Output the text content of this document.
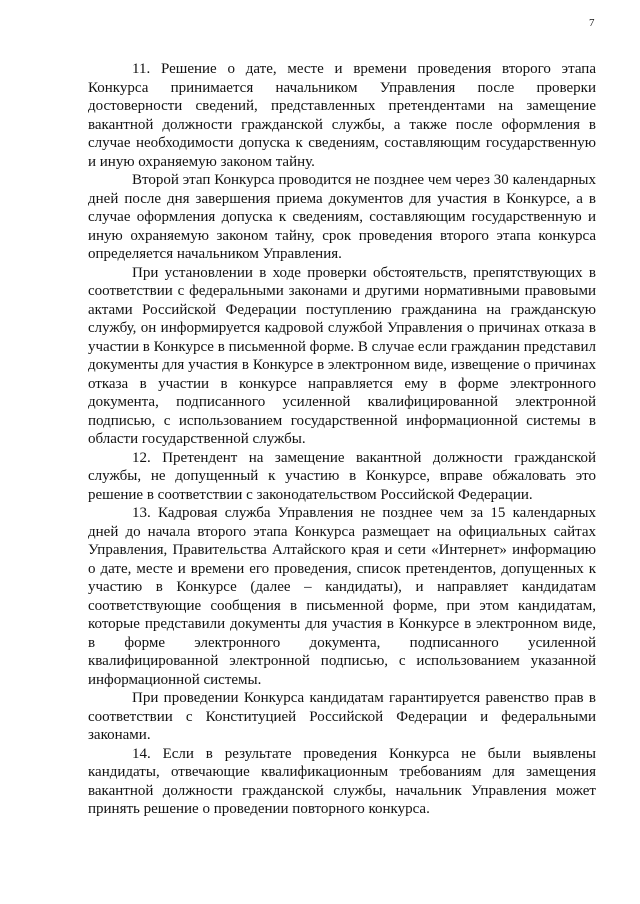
7

11. Решение о дате, месте и времени проведения второго этапа Конкурса принимается начальником Управления после проверки достоверности сведений, представленных претендентами на замещение вакантной должности гражданской службы, а также после оформления в случае необходимости допуска к сведениям, составляющим государственную и иную охраняемую законом тайну.

Второй этап Конкурса проводится не позднее чем через 30 календарных дней после дня завершения приема документов для участия в Конкурсе, а в случае оформления допуска к сведениям, составляющим государственную и иную охраняемую законом тайну, срок проведения второго этапа конкурса определяется начальником Управления.

При установлении в ходе проверки обстоятельств, препятствующих в соответствии с федеральными законами и другими нормативными правовыми актами Российской Федерации поступлению гражданина на гражданскую службу, он информируется кадровой службой Управления о причинах отказа в участии в Конкурсе в письменной форме. В случае если гражданин представил документы для участия в Конкурсе в электронном виде, извещение о причинах отказа в участии в конкурсе направляется ему в форме электронного документа, подписанного усиленной квалифицированной электронной подписью, с использованием государственной информационной системы в области государственной службы.

12. Претендент на замещение вакантной должности гражданской службы, не допущенный к участию в Конкурсе, вправе обжаловать это решение в соответствии с законодательством Российской Федерации.

13. Кадровая служба Управления не позднее чем за 15 календарных дней до начала второго этапа Конкурса размещает на официальных сайтах Управления, Правительства Алтайского края и сети «Интернет» информацию о дате, месте и времени его проведения, список претендентов, допущенных к участию в Конкурсе (далее – кандидаты), и направляет кандидатам соответствующие сообщения в письменной форме, при этом кандидатам, которые представили документы для участия в Конкурсе в электронном виде, в форме электронного документа, подписанного усиленной квалифицированной электронной подписью, с использованием указанной информационной системы.

При проведении Конкурса кандидатам гарантируется равенство прав в соответствии с Конституцией Российской Федерации и федеральными законами.

14. Если в результате проведения Конкурса не были выявлены кандидаты, отвечающие квалификационным требованиям для замещения вакантной должности гражданской службы, начальник Управления может принять решение о проведении повторного конкурса.
